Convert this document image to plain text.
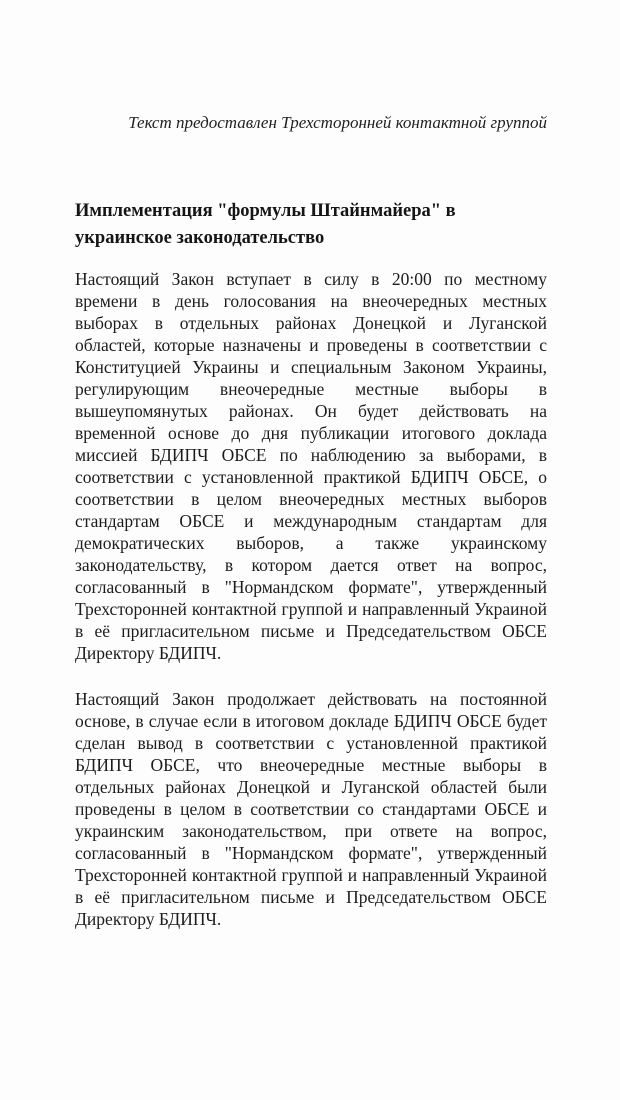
Текст предоставлен Трехсторонней контактной группой
Имплементация "формулы Штайнмайера" в
украинское законодательство

Настоящий Закон вступает в силу в 20:00 по местному времени в день голосования на внеочередных местных выборах в отдельных районах Донецкой и Луганской областей, которые назначены и проведены в соответствии с Конституцией Украины и специальным Законом Украины, регулирующим внеочередные местные выборы в вышеупомянутых районах. Он будет действовать на временной основе до дня публикации итогового доклада миссией БДИПЧ ОБСЕ по наблюдению за выборами, в соответствии с установленной практикой БДИПЧ ОБСЕ, о соответствии в целом внеочередных местных выборов стандартам ОБСЕ и международным стандартам для демократических выборов, а также украинскому законодательству, в котором дается ответ на вопрос, согласованный в "Нормандском формате", утвержденный Трехсторонней контактной группой и направленный Украиной в её пригласительном письме и Председательством ОБСЕ Директору БДИПЧ.

Настоящий Закон продолжает действовать на постоянной основе, в случае если в итоговом докладе БДИПЧ ОБСЕ будет сделан вывод в соответствии с установленной практикой БДИПЧ ОБСЕ, что внеочередные местные выборы в отдельных районах Донецкой и Луганской областей были проведены в целом в соответствии со стандартами ОБСЕ и украинским законодательством, при ответе на вопрос, согласованный в "Нормандском формате", утвержденный Трехсторонней контактной группой и направленный Украиной в её пригласительном письме и Председательством ОБСЕ Директору БДИПЧ.
